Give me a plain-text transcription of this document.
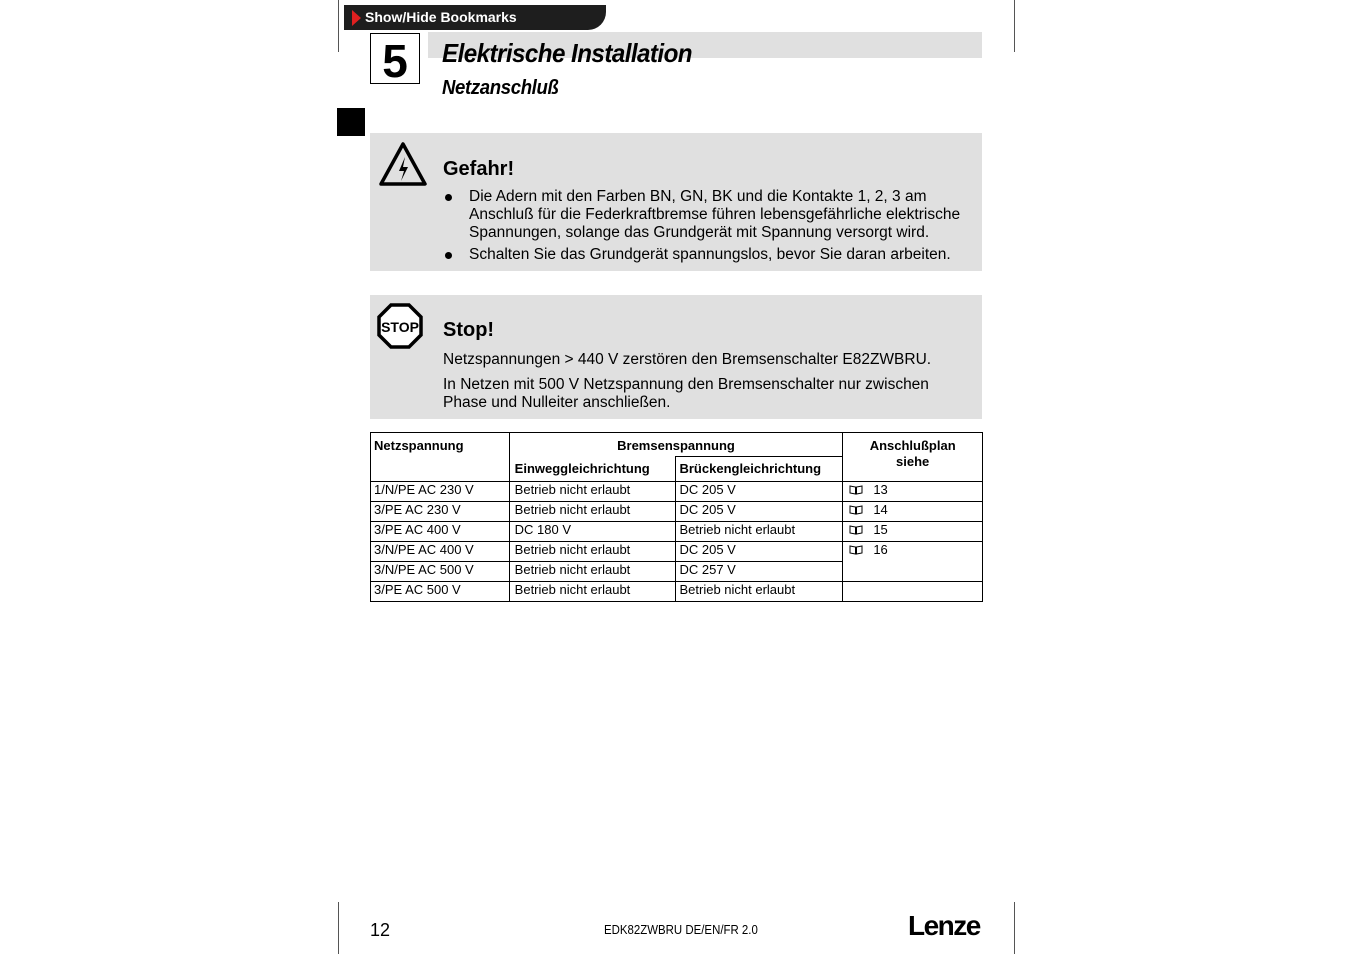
Show/Hide Bookmarks
5	Elektrische Installation
Netzanschluß
Gefahr!
Die Adern mit den Farben BN, GN, BK und die Kontakte 1, 2, 3 am
Anschluß für die Federkraftbremse führen lebensgefährliche elektrische
Spannungen, solange das Grundgerät mit Spannung versorgt wird.
Schalten Sie das Grundgerät spannungslos, bevor Sie daran arbeiten.
STOP Stop!
Netzspannungen > 440 V zerstören den Bremsenschalter E82ZWBRU.
In Netzen mit 500 V Netzspannung den Bremsenschalter nur zwischen
Phase und Nulleiter anschließen.
Netzspannung	Bremsenspannung		Anschlußplan
siehe

	Einweggleichrichtung	Brückengleichrichtung	
1/N/PE AC 230 V	Betrieb nicht erlaubt	DC 205 V	13
3/PE AC 230 V	Betrieb nicht erlaubt	DC 205 V	14
3/PE AC 400 V	DC 180 V	Betrieb nicht erlaubt	15
3/N/PE AC 400 V	Betrieb nicht erlaubt	DC 205 V	16
3/N/PE AC 500 V	Betrieb nicht erlaubt	DC 257 V	
3/PE AC 500 V	Betrieb nicht erlaubt	Betrieb nicht erlaubt	
12	EDK82ZWBRU DE/EN/FR 2.0	Lenze
